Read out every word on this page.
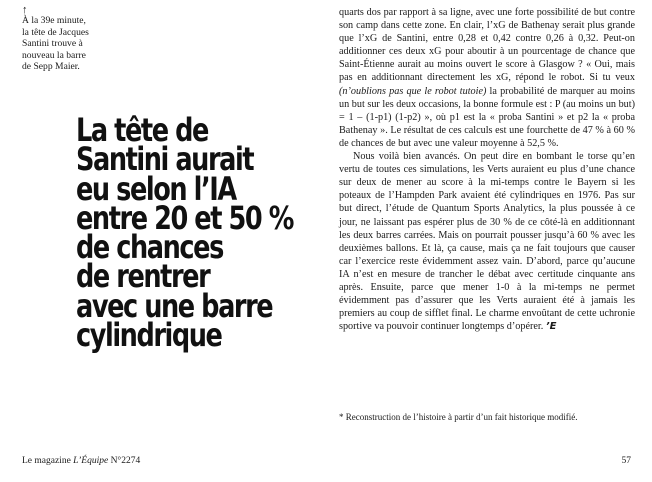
↑
À la 39e minute,
la tête de Jacques
Santini trouve à
nouveau la barre
de Sepp Maier.
La tête de
Santini aurait
eu selon l’IA
entre 20 et 50 %
de chances
de rentrer
avec une barre
cylindrique

quarts dos par rapport à sa ligne, avec une forte possibilité de but contre son camp dans cette zone. En clair, l’xG de Bathenay serait plus grande que l’xG de Santini, entre 0,28 et 0,42 contre 0,26 à 0,32. Peut-on additionner ces deux xG pour aboutir à un pourcentage de chance que Saint-Étienne aurait au moins ouvert le score à Glasgow ? « Oui, mais pas en additionnant directement les xG, répond le robot. Si tu veux (n’oublions pas que le robot tutoie) la probabilité de marquer au moins un but sur les deux occasions, la bonne formule est : P (au moins un but) = 1 – (1-p1) (1-p2) », où p1 est la « proba Santini » et p2 la « proba Bathenay ». Le résultat de ces calculs est une fourchette de 47 % à 60 % de chances de but avec une valeur moyenne à 52,5 %.

Nous voilà bien avancés. On peut dire en bombant le torse qu’en vertu de toutes ces simulations, les Verts auraient eu plus d’une chance sur deux de mener au score à la mi-temps contre le Bayern si les poteaux de l’Hampden Park avaient été cylindriques en 1976. Pas sur but direct, l’étude de Quantum Sports Analytics, la plus poussée à ce jour, ne laissant pas espérer plus de 30 % de ce côté-là en additionnant les deux barres carrées. Mais on pourrait pousser jusqu’à 60 % avec les deuxièmes ballons. Et là, ça cause, mais ça ne fait toujours que causer car l’exercice reste évidemment assez vain. D’abord, parce qu’aucune IA n’est en mesure de trancher le débat avec certitude cinquante ans après. Ensuite, parce que mener 1-0 à la mi-temps ne permet évidemment pas d’assurer que les Verts auraient été à jamais les premiers au coup de sifflet final. Le charme envoûtant de cette uchronie sportive va pouvoir continuer longtemps d’opérer. ’E

* Reconstruction de l’histoire à partir d’un fait historique modifié.

Le magazine L’Équipe N°2274	57
